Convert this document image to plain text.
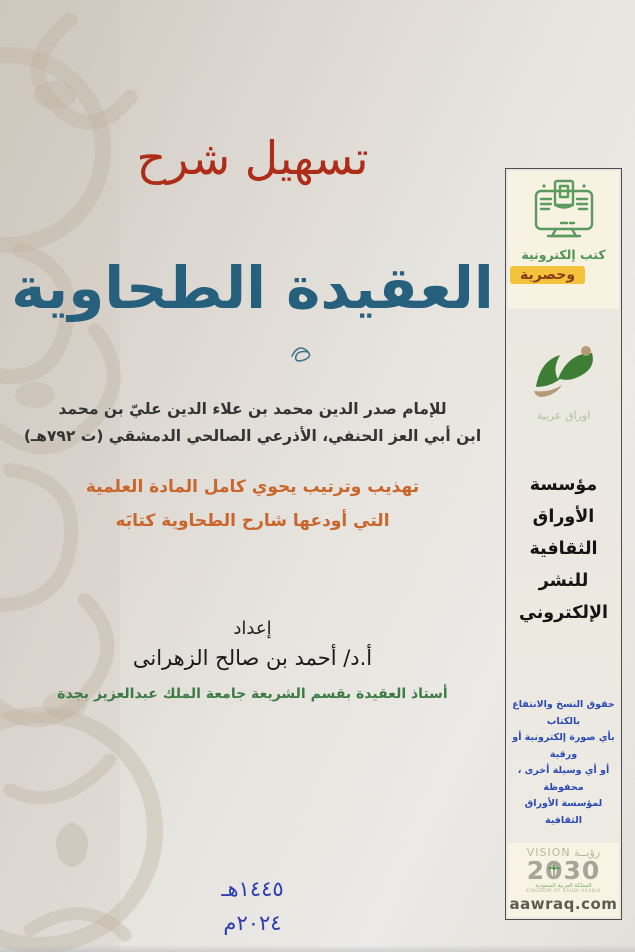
تسهيل شرح
العقيدة الطحاوية
للإمام صدر الدين محمد بن علاء الدين عليّ بن محمد
ابن أبي العز الحنفي، الأذرعي الصالحي الدمشقي (ت ٧٩٢هـ)
تهذيب وترتيب يحوي كامل المادة العلمية
التي أودعها شارح الطحاوية كتابَه
إعداد
أ.د/ أحمد بن صالح الزهرانى
أستاذ العقيدة بقسم الشريعة جامعة الملك عبدالعزيز بجدة
١٤٤٥هـ
٢٠٢٤م
كتب إلكترونية
وحصرية
اوراق عربية
مؤسسة
الأوراق
الثقافية
للنشر
الإلكتروني
حقوق النسخ والانتفاع بالكتاب
بأي صورة إلكترونية أو ورقية
أو أي وسيلة أخرى ، محفوظة
لمؤسسة الأوراق الثقافية
رؤيــة VISION
20
30
المملكة العربية السعودية
KINGDOM OF SAUDI ARABIA
aawraq.com
